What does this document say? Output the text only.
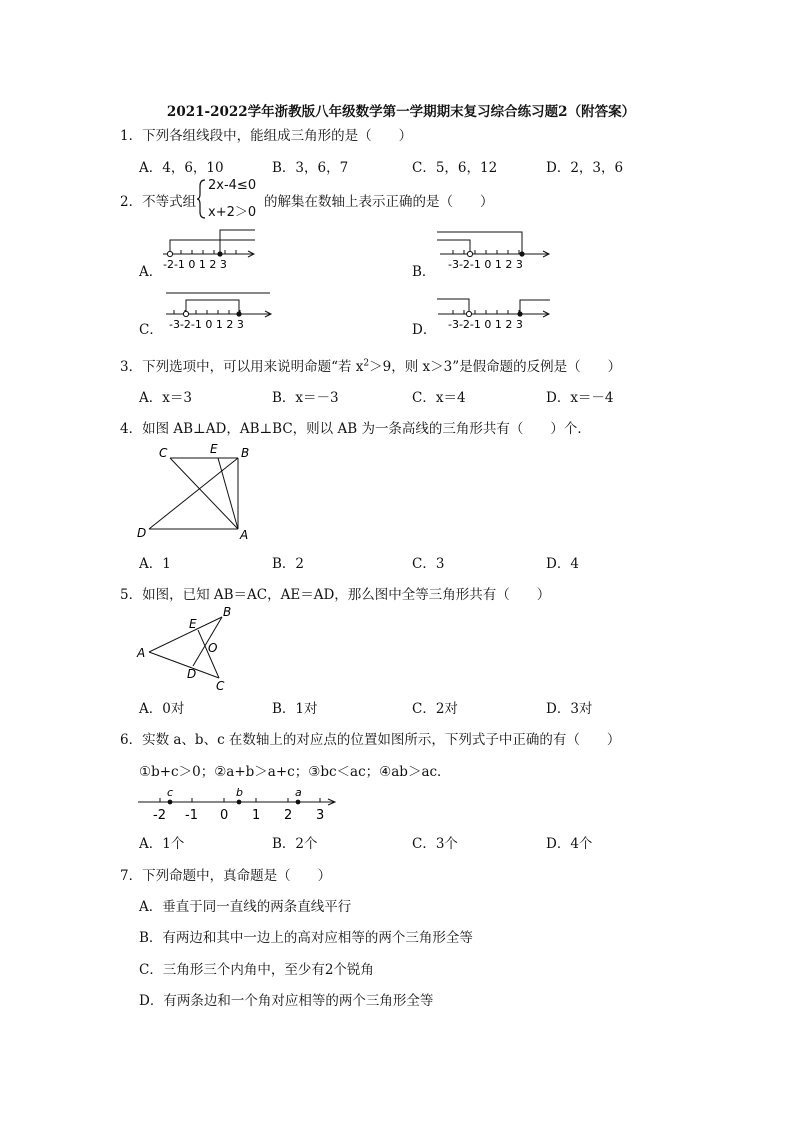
2021-2022学年浙教版八年级数学第一学期期末复习综合练习题2（附答案）
1．下列各组线段中，能组成三角形的是（　　）
A．4，6，10	B．3，6，7	C．5，6，12	D．2，3，6
2．不等式组
2x-4≤0
x+2＞0
的解集在数轴上表示正确的是（　　）
A． -2-1 0 1 2 3	B． -3-2-1 0 1 2 3
C． -3-2-1 0 1 2 3	D． -3-2-1 0 1 2 3
3．下列选项中，可以用来说明命题“若 $x^2>9$，则 x＞3”是假命题的反例是（　　）
A．x＝3	B．x＝－3	C．x＝4	D．x＝－4
4．如图 AB⊥AD，AB⊥BC，则以 AB 为一条高线的三角形共有（　　）个．
C	E B
D	A
A．1	B．2	C．3	D．4
5．如图，已知 AB＝AC，AE＝AD，那么图中全等三角形共有（　　）
B
E
O
A
D
C
A．0对	B．1对	C．2对	D．3对
6．实数 a、b、c 在数轴上的对应点的位置如图所示，下列式子中正确的有（　　）
①b+c＞0；②a+b＞a+c；③bc＜ac；④ab＞ac．
c	b	a
-2 -1 0 1 2 3
A．1个	B．2个	C．3个	D．4个
7．下列命题中，真命题是（　　）
A．垂直于同一直线的两条直线平行
B．有两边和其中一边上的高对应相等的两个三角形全等
C．三角形三个内角中，至少有2个锐角
D．有两条边和一个角对应相等的两个三角形全等
